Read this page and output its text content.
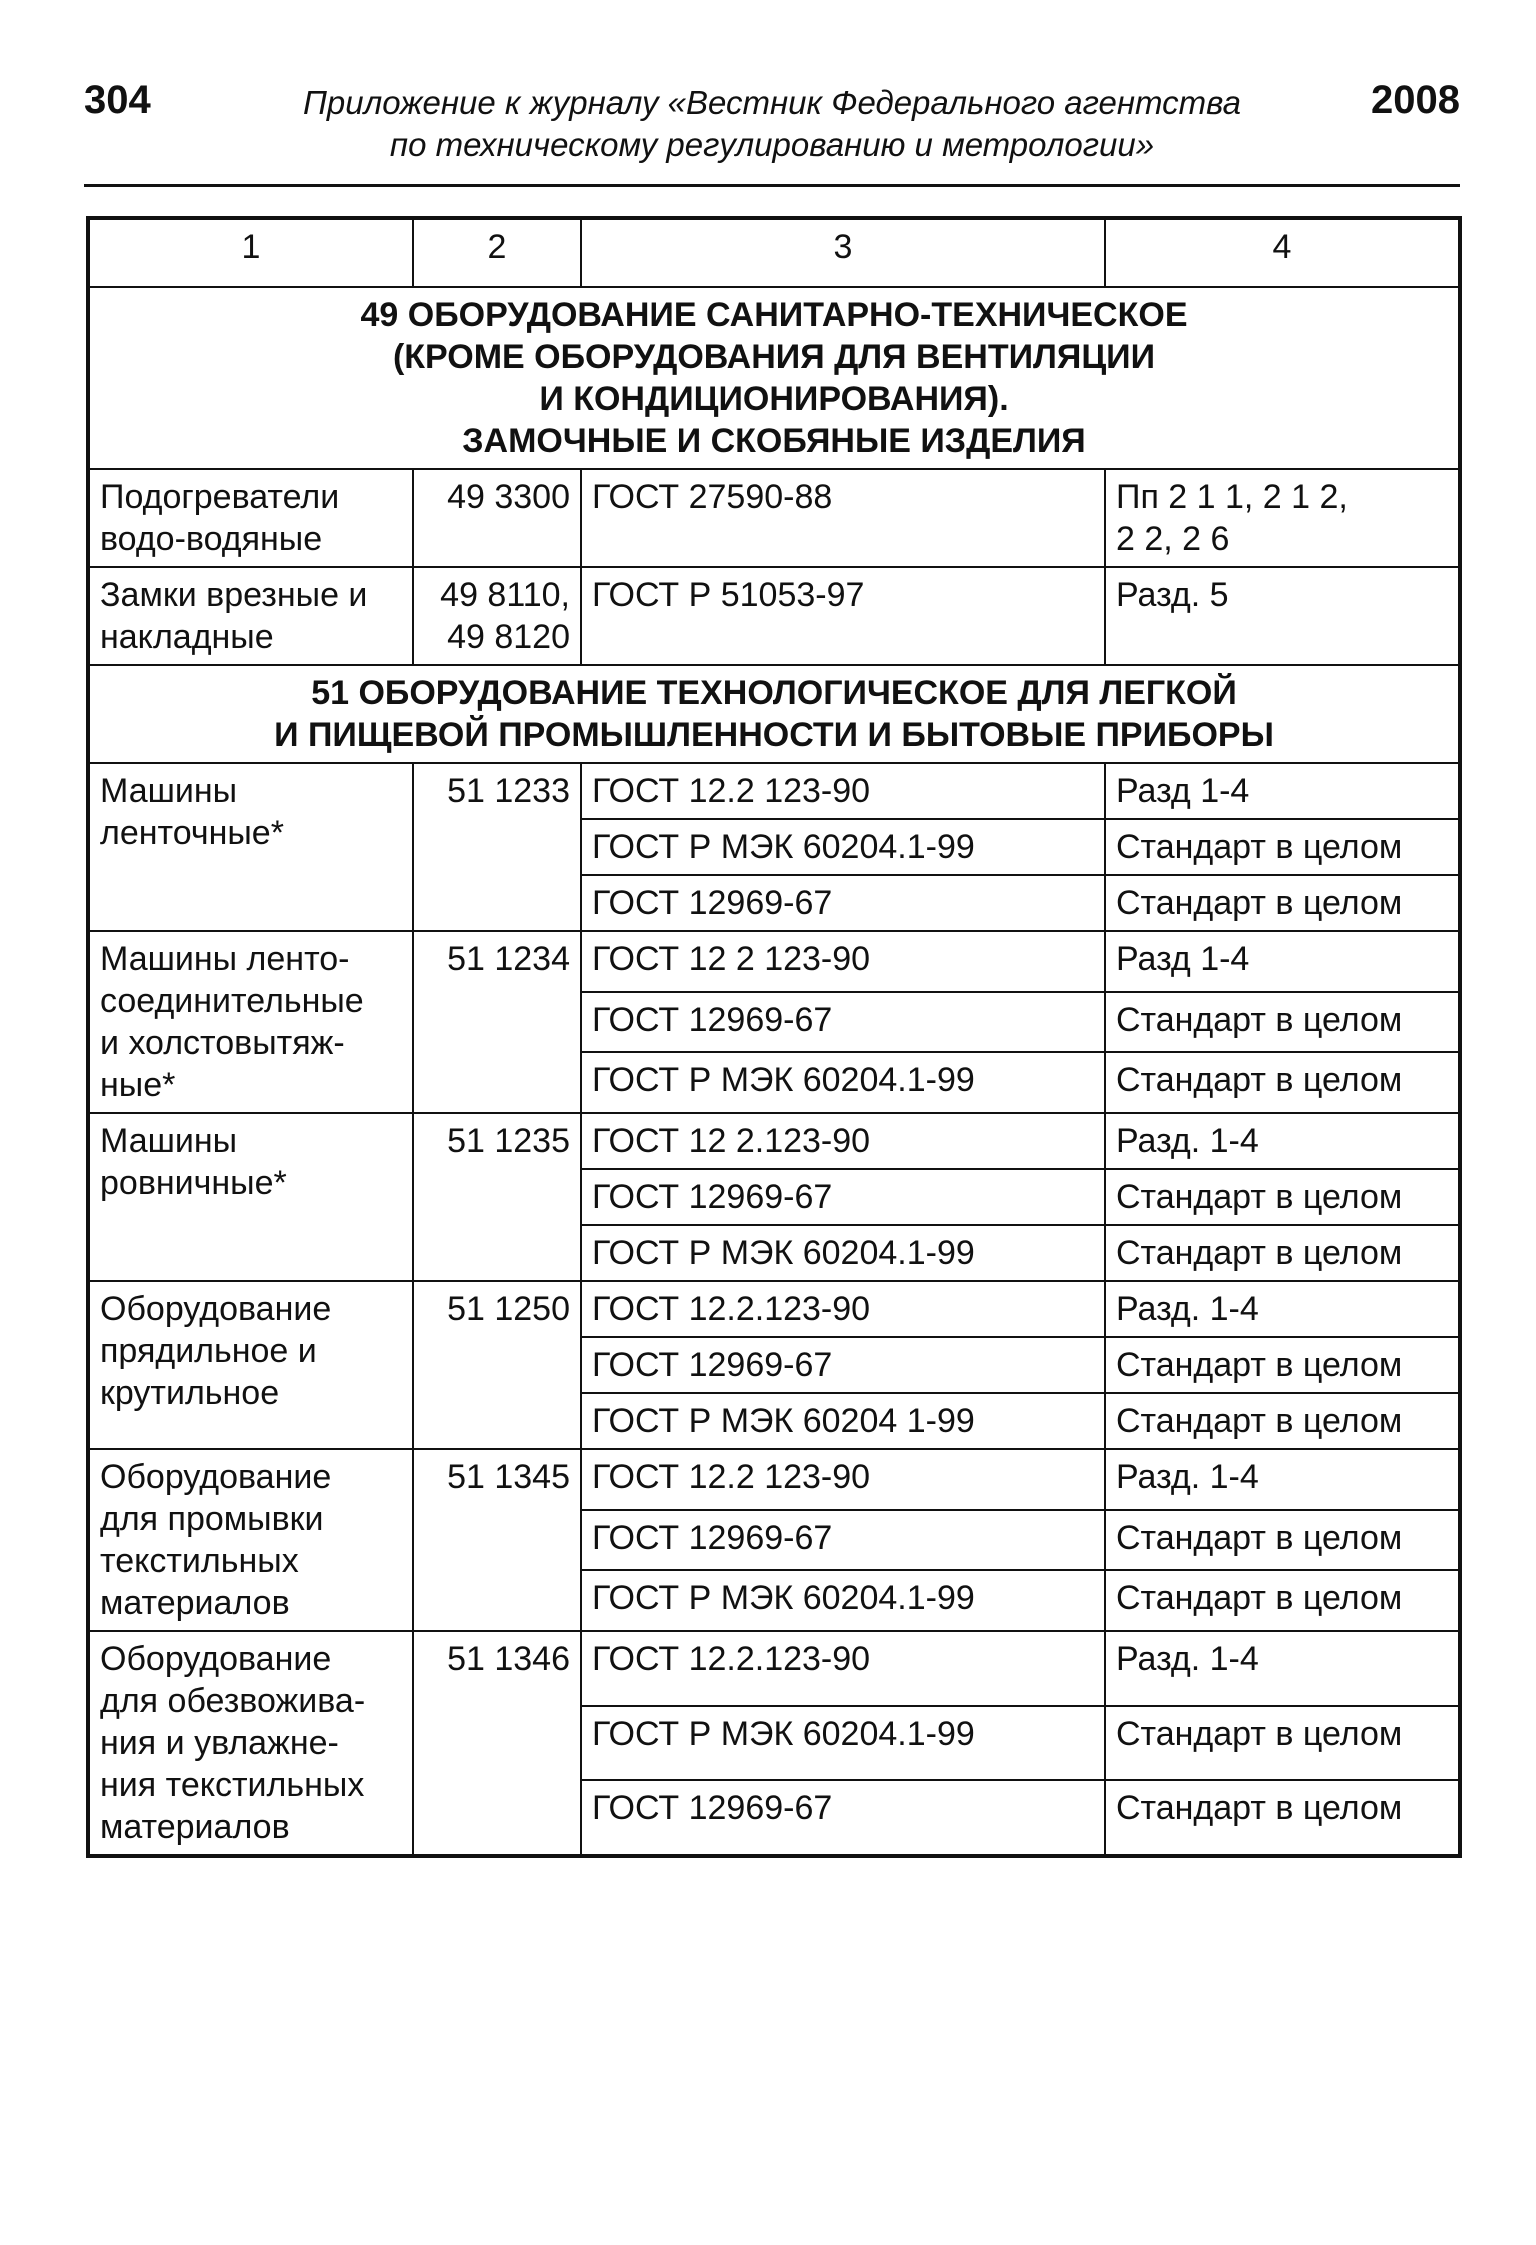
304	Приложение к журналу «Вестник Федерального агентства
по техническому регулированию и метрологии»
2008
1	2	3	4

49 ОБОРУДОВАНИЕ САНИТАРНО-ТЕХНИЧЕСКОЕ
(КРОМЕ ОБОРУДОВАНИЯ ДЛЯ ВЕНТИЛЯЦИИ
И КОНДИЦИОНИРОВАНИЯ).
ЗАМОЧНЫЕ И СКОБЯНЫЕ ИЗДЕЛИЯ			

Подогреватели
водо-водяные	49 3300	ГОСТ 27590-88	Пп 2 1 1, 2 1 2,
2 2, 2 6

Замки врезные и
накладные	49 8110,
49 8120	ГОСТ Р 51053-97	Разд. 5

51 ОБОРУДОВАНИЕ ТЕХНОЛОГИЧЕСКОЕ ДЛЯ ЛЕГКОЙ
И ПИЩЕВОЙ ПРОМЫШЛЕННОСТИ И БЫТОВЫЕ ПРИБОРЫ			

Машины
ленточные*	51 1233	ГОСТ 12.2 123-90	Разд 1-4
		ГОСТ Р МЭК 60204.1-99	Стандарт в целом
		ГОСТ 12969-67	Стандарт в целом

Машины ленто-
соединительные
и холстовытяж-
ные*	51 1234	ГОСТ 12 2 123-90	Разд 1-4
		ГОСТ 12969-67	Стандарт в целом
		ГОСТ Р МЭК 60204.1-99	Стандарт в целом

Машины
ровничные*	51 1235	ГОСТ 12 2.123-90	Разд. 1-4
		ГОСТ 12969-67	Стандарт в целом
		ГОСТ Р МЭК 60204.1-99	Стандарт в целом

Оборудование
прядильное и
крутильное	51 1250	ГОСТ 12.2.123-90	Разд. 1-4
		ГОСТ 12969-67	Стандарт в целом
		ГОСТ Р МЭК 60204 1-99	Стандарт в целом

Оборудование
для промывки
текстильных
материалов	51 1345	ГОСТ 12.2 123-90	Разд. 1-4
		ГОСТ 12969-67	Стандарт в целом
		ГОСТ Р МЭК 60204.1-99	Стандарт в целом

Оборудование
для обезвожива-
ния и увлажне-
ния текстильных
материалов	51 1346	ГОСТ 12.2.123-90	Разд. 1-4
		ГОСТ Р МЭК 60204.1-99	Стандарт в целом
		ГОСТ 12969-67	Стандарт в целом
